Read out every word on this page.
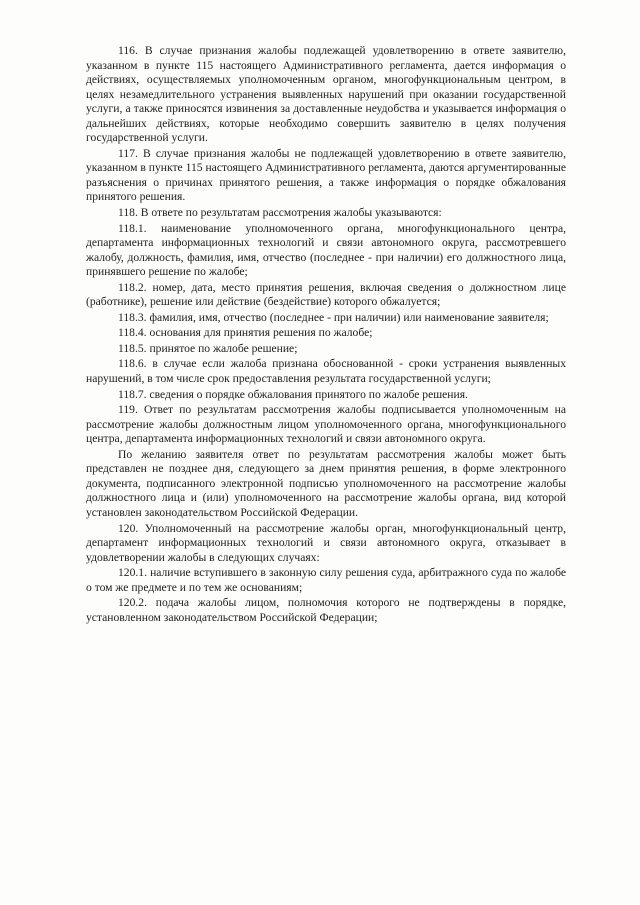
116. В случае признания жалобы подлежащей удовлетворению в ответе заявителю, указанном в пункте 115 настоящего Административного регламента, дается информация о действиях, осуществляемых уполномоченным органом, многофункциональным центром, в целях незамедлительного устранения выявленных нарушений при оказании государственной услуги, а также приносятся извинения за доставленные неудобства и указывается информация о дальнейших действиях, которые необходимо совершить заявителю в целях получения государственной услуги.

117. В случае признания жалобы не подлежащей удовлетворению в ответе заявителю, указанном в пункте 115 настоящего Административного регламента, даются аргументированные разъяснения о причинах принятого решения, а также информация о порядке обжалования принятого решения.

118. В ответе по результатам рассмотрения жалобы указываются:

118.1. наименование уполномоченного органа, многофункционального центра, департамента информационных технологий и связи автономного округа, рассмотревшего жалобу, должность, фамилия, имя, отчество (последнее - при наличии) его должностного лица, принявшего решение по жалобе;

118.2. номер, дата, место принятия решения, включая сведения о должностном лице (работнике), решение или действие (бездействие) которого обжалуется;

118.3. фамилия, имя, отчество (последнее - при наличии) или наименование заявителя;

118.4. основания для принятия решения по жалобе;

118.5. принятое по жалобе решение;

118.6. в случае если жалоба признана обоснованной - сроки устранения выявленных нарушений, в том числе срок предоставления результата государственной услуги;

118.7. сведения о порядке обжалования принятого по жалобе решения.

119. Ответ по результатам рассмотрения жалобы подписывается уполномоченным на рассмотрение жалобы должностным лицом уполномоченного органа, многофункционального центра, департамента информационных технологий и связи автономного округа.

По желанию заявителя ответ по результатам рассмотрения жалобы может быть представлен не позднее дня, следующего за днем принятия решения, в форме электронного документа, подписанного электронной подписью уполномоченного на рассмотрение жалобы должностного лица и (или) уполномоченного на рассмотрение жалобы органа, вид которой установлен законодательством Российской Федерации.

120. Уполномоченный на рассмотрение жалобы орган, многофункциональный центр, департамент информационных технологий и связи автономного округа, отказывает в удовлетворении жалобы в следующих случаях:

120.1. наличие вступившего в законную силу решения суда, арбитражного суда по жалобе о том же предмете и по тем же основаниям;

120.2. подача жалобы лицом, полномочия которого не подтверждены в порядке, установленном законодательством Российской Федерации;
